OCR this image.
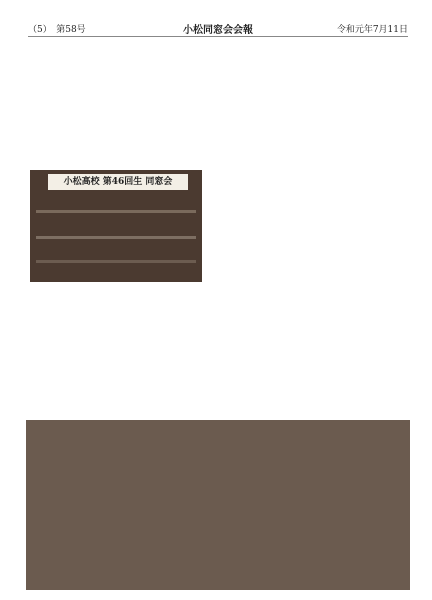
（5）　第58号	小松同窓会会報	令和元年7月11日
小松高校 第46回生 同窓会
